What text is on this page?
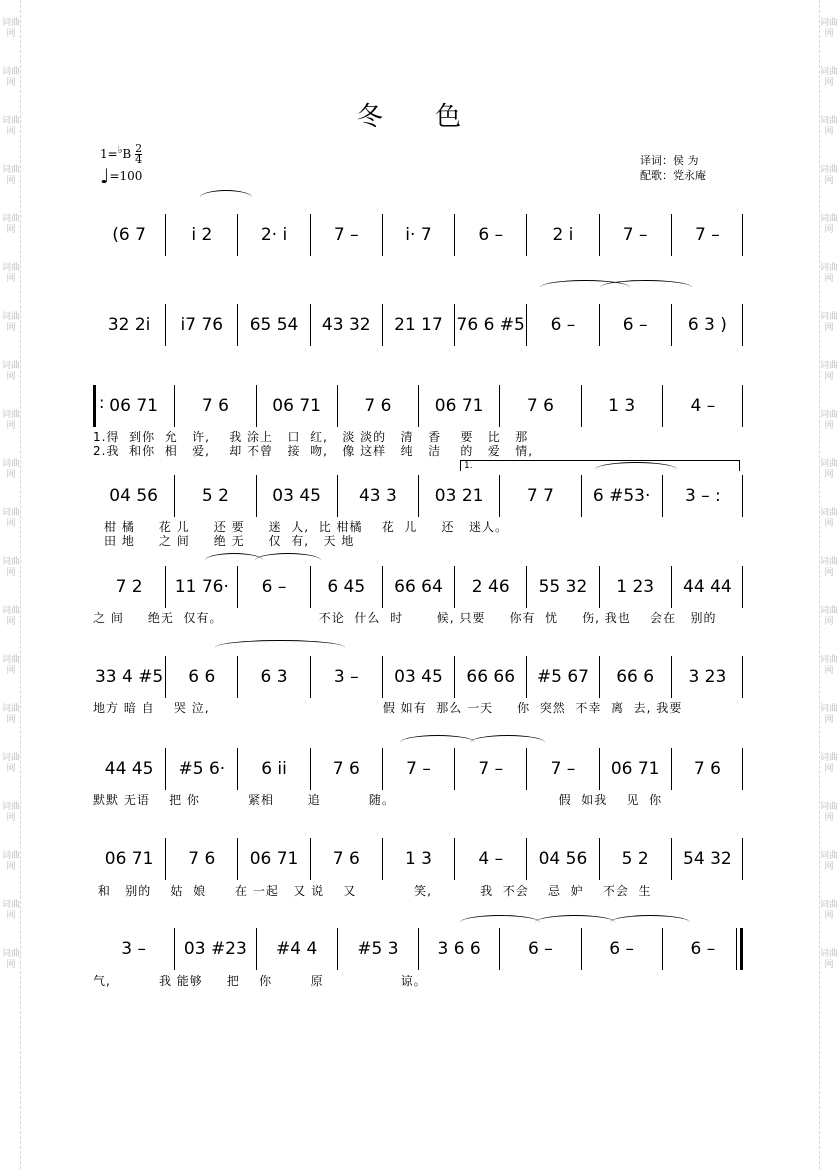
词曲网
词曲网
词曲网
词曲网
词曲网
词曲网
词曲网
词曲网
词曲网
词曲网
词曲网
词曲网
词曲网
词曲网
词曲网
词曲网
词曲网
词曲网
词曲网
词曲网
词曲网
词曲网
词曲网
词曲网
词曲网
词曲网
词曲网
词曲网
词曲网
词曲网
词曲网
词曲网
词曲网
词曲网
词曲网
词曲网
词曲网
词曲网
词曲网
词曲网
冬 色
$1=^♭B \frac{2}{4}$
♩=100
译词：侯 为
配歌：党永庵
(6 7	i 2	2· i	7 –	i· 7	6 –	2 i	7 –	7 –
32 2i	i7 76	65 54	43 32	21 17 76 6 #5	6 –	6 –	6 3 )
:
06 71	7 6	06 71	7 6	06 71	7 6	1 3	4 –
04 56	5 2	03 45	43 3	03 21	7 7	6 #53·	3 – :
7 2	11 76·	6 –	6 45	66 64	2 46	55 32	1 23	44 44
33 4 #5	6 6	6 3	3 –	03 45	66 66	#5 67	66 6	3 23
44 45	#5 6·	6 ii	7 6	7 –	7 –	7 –	06 71	7 6
06 71	7 6	06 71	7 6	1 3	4 –	04 56	5 2	54 32
3 –	03 #23	#4 4	#5 3	3 6 6	6 –	6 –	6 –
1.得  到你  允   许,    我 涂上   口  红,   淡 淡的   清   香    要   比   那
2.我  和你  相   爱,    却 不曾   接  吻,   像 这样   纯   洁    的   爱   情,
柑 橘     花 儿     还 要     迷  人,  比 柑橘    花  儿     还   迷人。
田 地     之 间     绝 无     仅  有,   天 地
之 间     绝无  仅有。                    不论  什么  时       候, 只要     你有  忧     伤, 我也    会在   别的
地方 暗 自    哭 泣,                                    假 如有  那么 一天     你  突然  不幸  离  去, 我要
默默 无语    把 你          紧相       追          随。                                  假  如我    见  你
和   别的    姑  娘      在 一起   又 说    又            笑,          我  不会    忌  妒    不会  生
气,          我 能够     把    你        原                谅。
1.
